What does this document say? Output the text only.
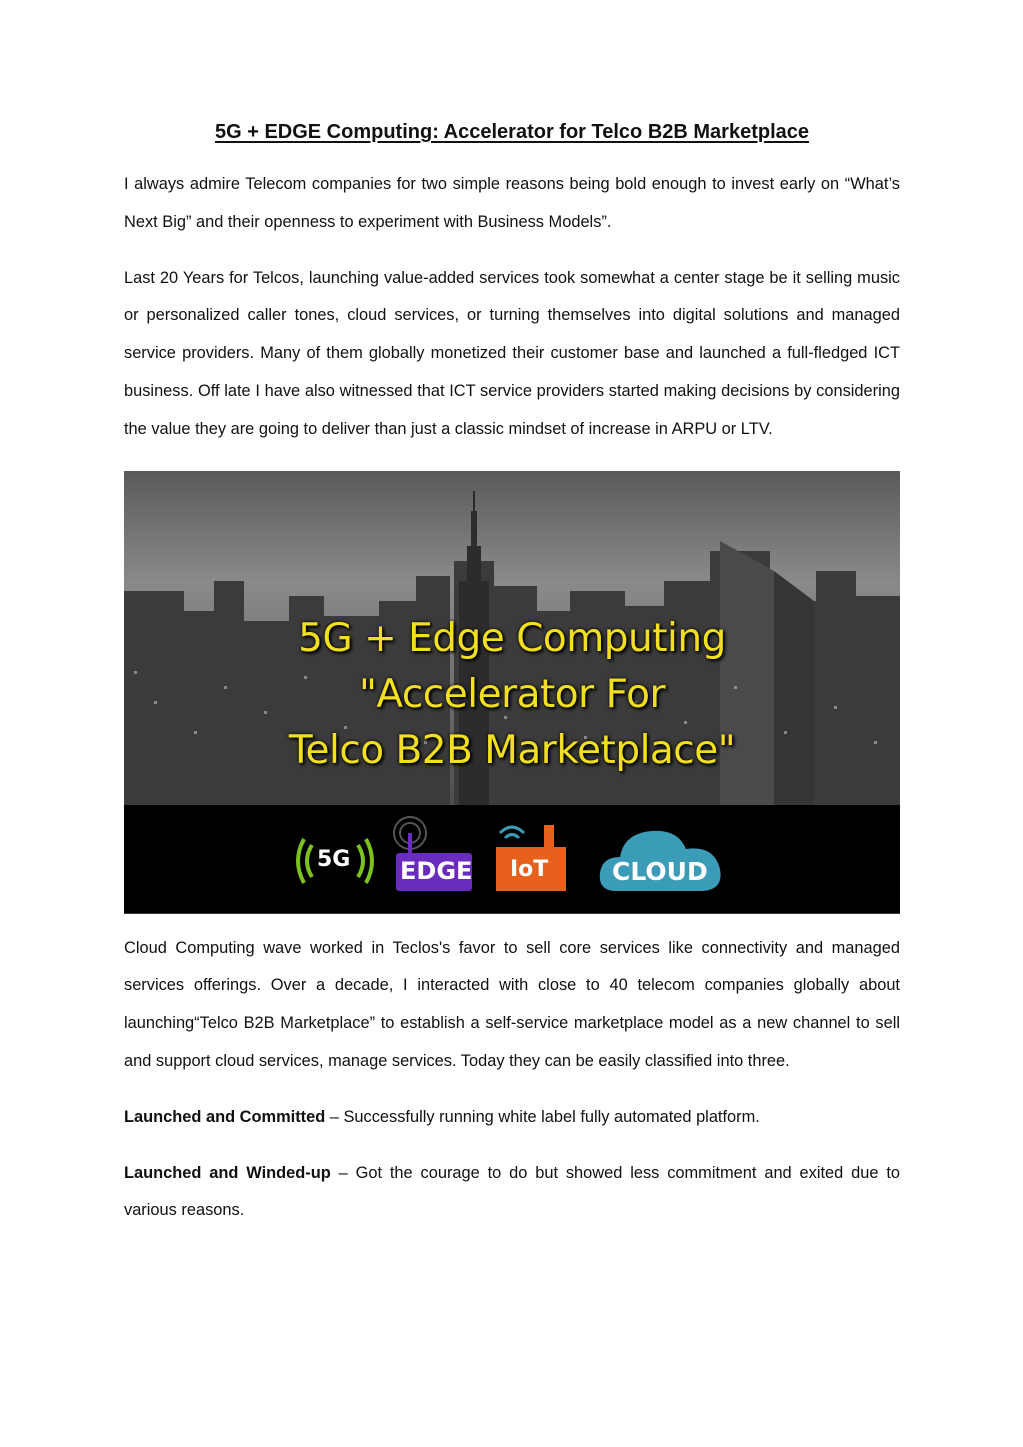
5G + EDGE Computing: Accelerator for Telco B2B Marketplace

I always admire Telecom companies for two simple reasons being bold enough to invest early on “What’s Next Big” and their openness to experiment with Business Models”.

Last 20 Years for Telcos, launching value-added services took somewhat a center stage be it selling music or personalized caller tones, cloud services, or turning themselves into digital solutions and managed service providers. Many of them globally monetized their customer base and launched a full-fledged ICT business. Off late I have also witnessed that ICT service providers started making decisions by considering the value they are going to deliver than just a classic mindset of increase in ARPU or LTV.

5G + Edge Computing
"Accelerator For
Telco B2B Marketplace"
5G EDGE IoT	CLOUD

Cloud Computing wave worked in Teclos's favor to sell core services like connectivity and managed services offerings. Over a decade, I interacted with close to 40 telecom companies globally about launching“Telco B2B Marketplace” to establish a self-service marketplace model as a new channel to sell and support cloud services, manage services. Today they can be easily classified into three.

Launched and Committed – Successfully running white label fully automated platform.

Launched and Winded-up – Got the courage to do but showed less commitment and exited due to various reasons.
